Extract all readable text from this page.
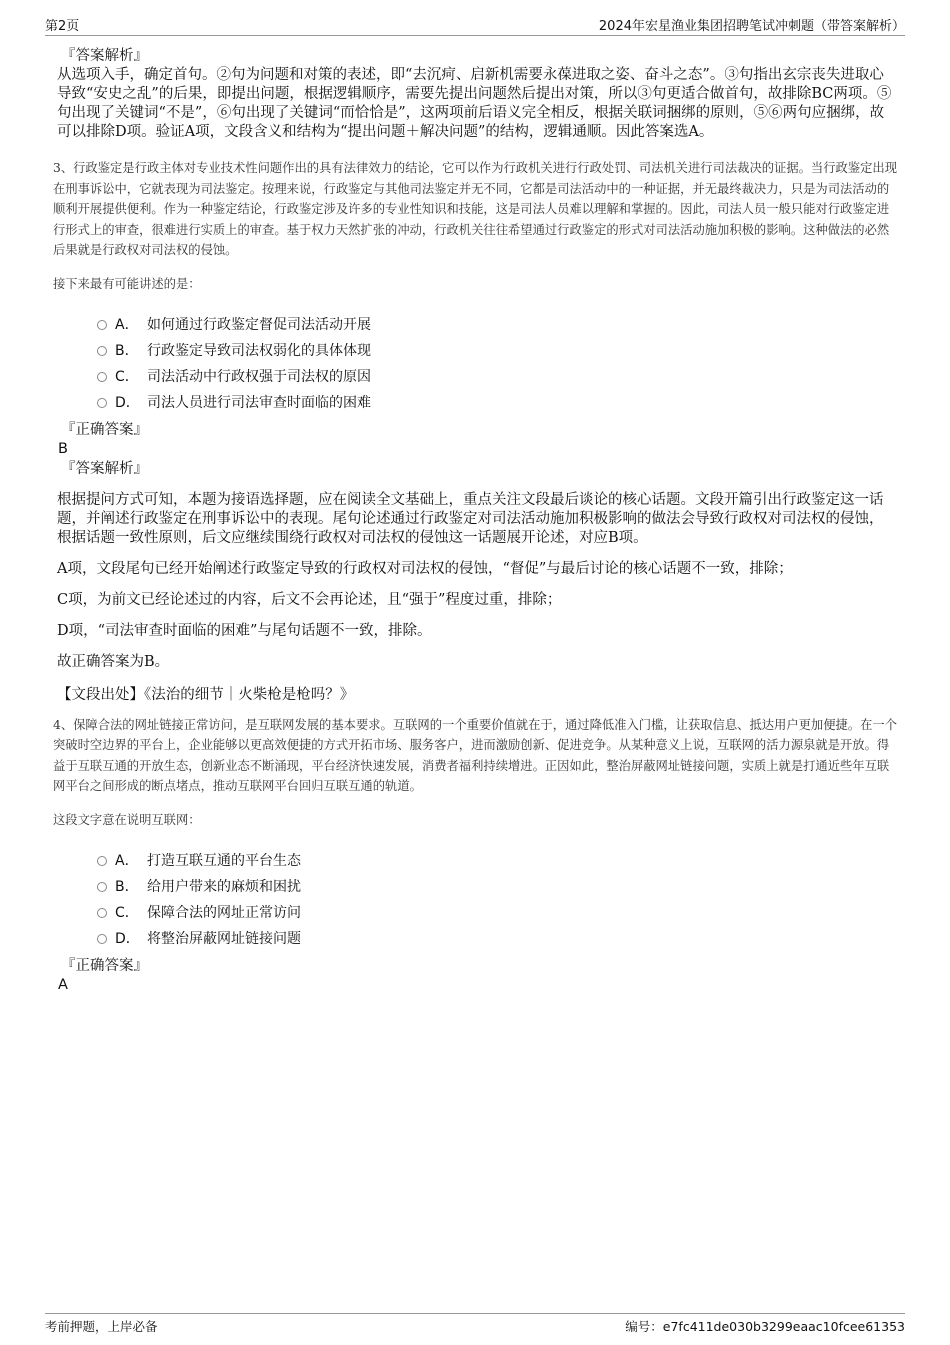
第2页	2024年宏星渔业集团招聘笔试冲刺题（带答案解析）
『答案解析』

从选项入手，确定首句。②句为问题和对策的表述，即“去沉疴、启新机需要永葆进取之姿、奋斗之态”。③句指出玄宗丧失进取心导致“安史之乱”的后果，即提出问题，根据逻辑顺序，需要先提出问题然后提出对策，所以③句更适合做首句，故排除BC两项。⑤句出现了关键词“不是”，⑥句出现了关键词“而恰恰是”，这两项前后语义完全相反，根据关联词捆绑的原则，⑤⑥两句应捆绑，故可以排除D项。验证A项，文段含义和结构为“提出问题＋解决问题”的结构，逻辑通顺。因此答案选A。

3、行政鉴定是行政主体对专业技术性问题作出的具有法律效力的结论，它可以作为行政机关进行行政处罚、司法机关进行司法裁决的证据。当行政鉴定出现在刑事诉讼中，它就表现为司法鉴定。按理来说，行政鉴定与其他司法鉴定并无不同，它都是司法活动中的一种证据，并无最终裁决力，只是为司法活动的顺利开展提供便利。作为一种鉴定结论，行政鉴定涉及许多的专业性知识和技能，这是司法人员难以理解和掌握的。因此，司法人员一般只能对行政鉴定进行形式上的审查，很难进行实质上的审查。基于权力天然扩张的冲动，行政机关往往希望通过行政鉴定的形式对司法活动施加积极的影响。这种做法的必然后果就是行政权对司法权的侵蚀。

接下来最有可能讲述的是：

A． 如何通过行政鉴定督促司法活动开展
B． 行政鉴定导致司法权弱化的具体体现
C． 司法活动中行政权强于司法权的原因
D． 司法人员进行司法审查时面临的困难
『正确答案』

B

『答案解析』

根据提问方式可知，本题为接语选择题，应在阅读全文基础上，重点关注文段最后谈论的核心话题。文段开篇引出行政鉴定这一话题，并阐述行政鉴定在刑事诉讼中的表现。尾句论述通过行政鉴定对司法活动施加积极影响的做法会导致行政权对司法权的侵蚀，根据话题一致性原则，后文应继续围绕行政权对司法权的侵蚀这一话题展开论述，对应B项。

A项，文段尾句已经开始阐述行政鉴定导致的行政权对司法权的侵蚀，“督促”与最后讨论的核心话题不一致，排除；

C项，为前文已经论述过的内容，后文不会再论述，且“强于”程度过重，排除；

D项，“司法审查时面临的困难”与尾句话题不一致，排除。

故正确答案为B。

【文段出处】《法治的细节｜火柴枪是枪吗？》

4、保障合法的网址链接正常访问，是互联网发展的基本要求。互联网的一个重要价值就在于，通过降低准入门槛，让获取信息、抵达用户更加便捷。在一个突破时空边界的平台上，企业能够以更高效便捷的方式开拓市场、服务客户，进而激励创新、促进竞争。从某种意义上说，互联网的活力源泉就是开放。得益于互联互通的开放生态，创新业态不断涌现，平台经济快速发展，消费者福利持续增进。正因如此，整治屏蔽网址链接问题，实质上就是打通近些年互联网平台之间形成的断点堵点，推动互联网平台回归互联互通的轨道。

这段文字意在说明互联网：

A． 打造互联互通的平台生态
B． 给用户带来的麻烦和困扰
C． 保障合法的网址正常访问
D． 将整治屏蔽网址链接问题
『正确答案』

A

考前押题，上岸必备	编号：e7fc411de030b3299eaac10fcee61353
